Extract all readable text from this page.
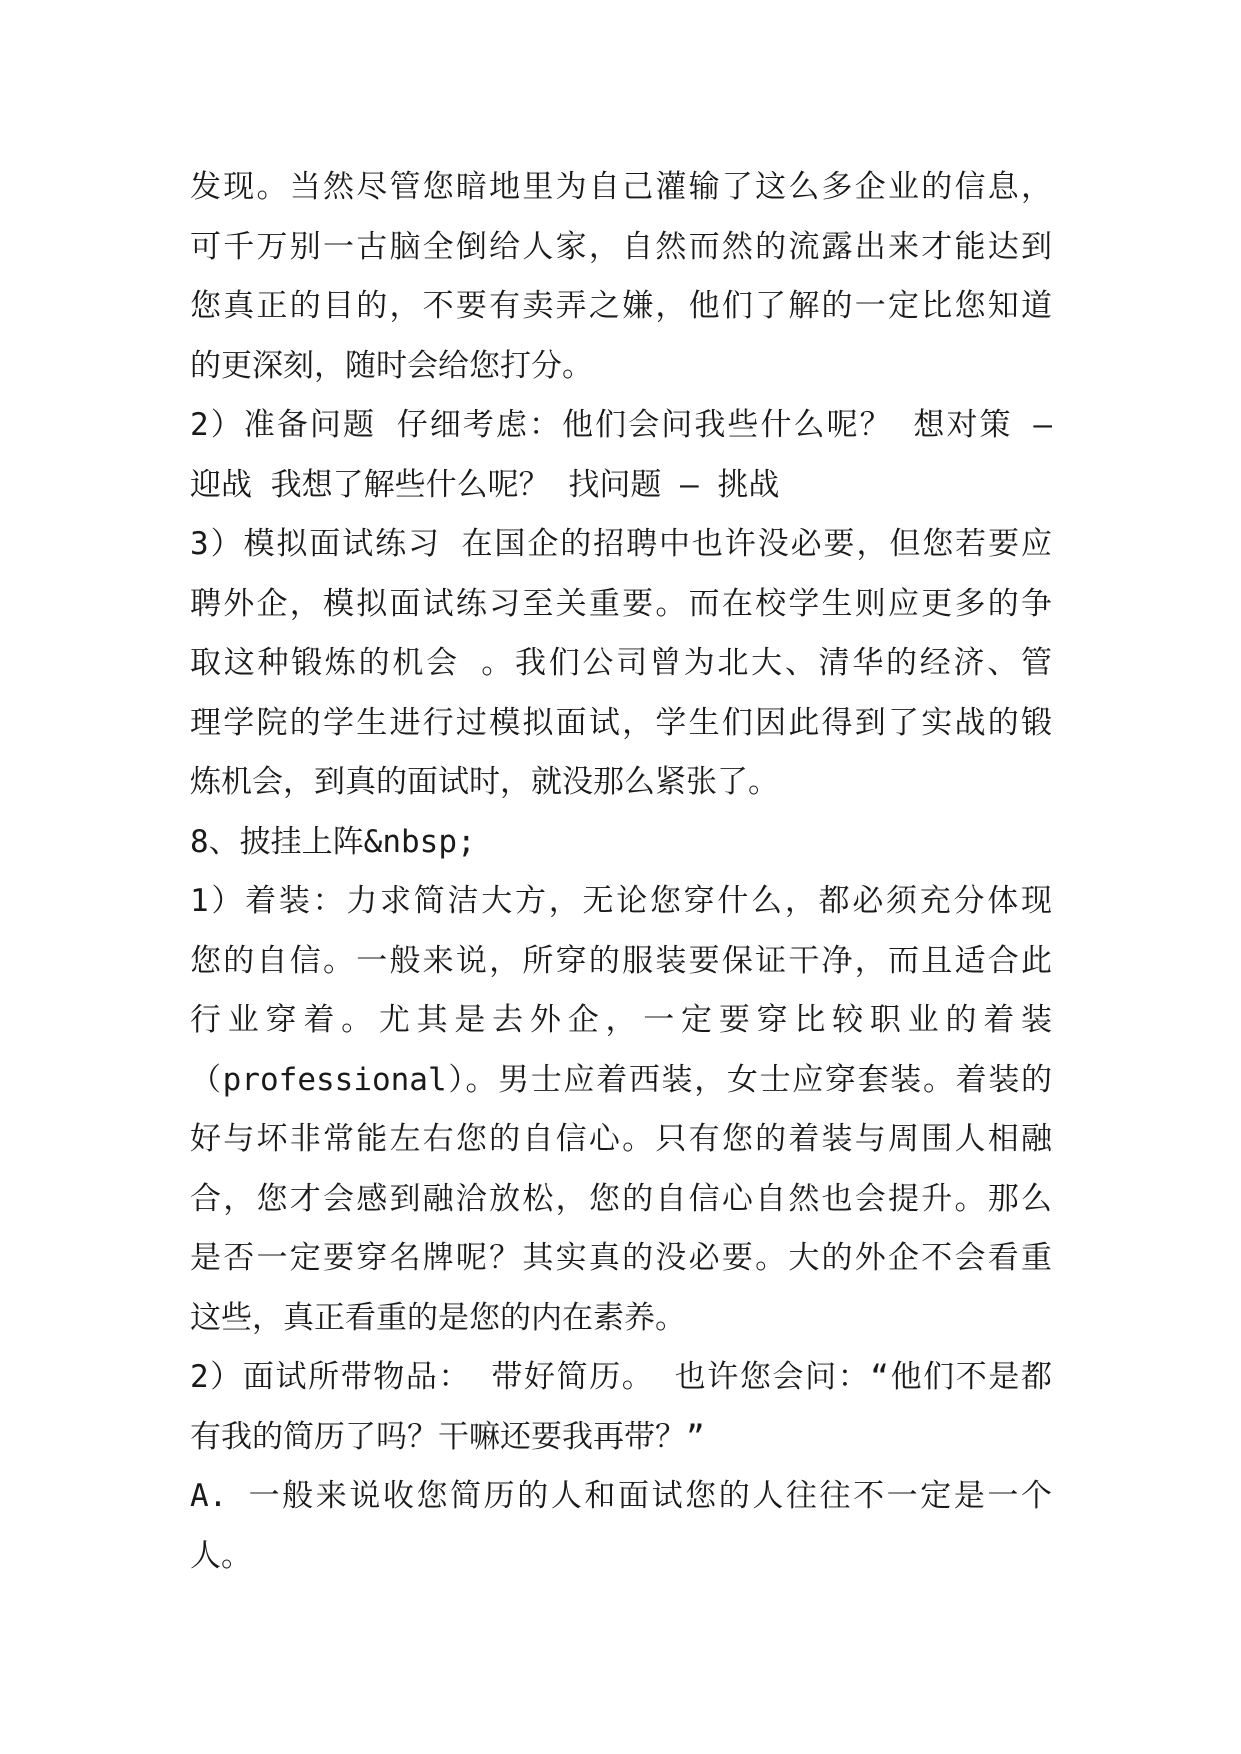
发现。当然尽管您暗地里为自己灌输了这么多企业的信息，
可千万别一古脑全倒给人家，自然而然的流露出来才能达到
您真正的目的，不要有卖弄之嫌，他们了解的一定比您知道
的更深刻，随时会给您打分。
2）准备问题 仔细考虑：他们会问我些什么呢？ 想对策 —
迎战 我想了解些什么呢？ 找问题 — 挑战
3）模拟面试练习 在国企的招聘中也许没必要，但您若要应
聘外企，模拟面试练习至关重要。而在校学生则应更多的争
取这种锻炼的机会 。我们公司曾为北大、清华的经济、管
理学院的学生进行过模拟面试，学生们因此得到了实战的锻
炼机会，到真的面试时，就没那么紧张了。
8、披挂上阵&nbsp;
1）着装：力求简洁大方，无论您穿什么，都必须充分体现
您的自信。一般来说，所穿的服装要保证干净，而且适合此
行业穿着。尤其是去外企，一定要穿比较职业的着装
（professional）。男士应着西装，女士应穿套装。着装的
好与坏非常能左右您的自信心。只有您的着装与周围人相融
合，您才会感到融洽放松，您的自信心自然也会提升。那么
是否一定要穿名牌呢？其实真的没必要。大的外企不会看重
这些，真正看重的是您的内在素养。
2）面试所带物品： 带好简历。 也许您会问：“他们不是都
有我的简历了吗？干嘛还要我再带？”
A. 一般来说收您简历的人和面试您的人往往不一定是一个
人。
